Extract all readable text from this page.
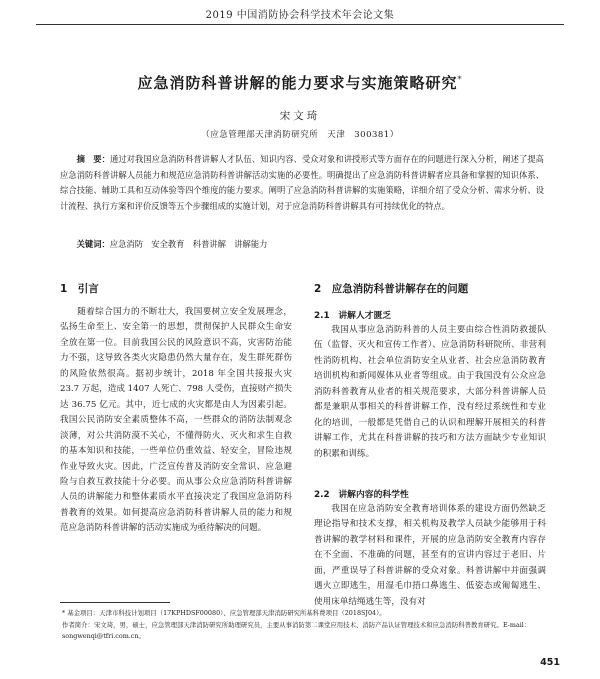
2019 中国消防协会科学技术年会论文集
应急消防科普讲解的能力要求与实施策略研究*
宋文琦
（应急管理部天津消防研究所　天津　300381）
摘　要：通过对我国应急消防科普讲解人才队伍、知识内容、受众对象和讲授形式等方面存在的问题进行深入分析，阐述了提高应急消防科普讲解人员能力和规范应急消防科普讲解活动实施的必要性。明确提出了应急消防科普讲解者应具备和掌握的知识体系、综合技能、辅助工具和互动体验等四个维度的能力要求。阐明了应急消防科普讲解的实施策略，详细介绍了受众分析、需求分析、设计流程、执行方案和评价反馈等五个步骤组成的实施计划，对于应急消防科普讲解具有可持续优化的特点。
关键词：应急消防　安全教育　科普讲解　讲解能力
1　引言

随着综合国力的不断壮大，我国要树立安全发展理念，弘扬生命至上、安全第一的思想，贯彻保护人民群众生命安全放在第一位。目前我国公民的风险意识不高，灾害防治能力不强，这导致各类火灾隐患仍然大量存在，发生群死群伤的风险依然很高。据初步统计，2018 年全国共接报火灾 23.7 万起，造成 1407 人死亡、798 人受伤，直接财产损失达 36.75 亿元。其中，近七成的火灾都是由人为因素引起。我国公民消防安全素质整体不高，一些群众的消防法制观念淡薄，对公共消防漠不关心，不懂得防火、灭火和求生自救的基本知识和技能，一些单位仍重效益、轻安全，冒险违规作业导致火灾。因此，广泛宣传普及消防安全常识、应急避险与自救互救技能十分必要。而从事公众应急消防科普讲解人员的讲解能力和整体素质水平直接决定了我国应急消防科普教育的效果。如何提高应急消防科普讲解人员的能力和规范应急消防科普讲解的活动实施成为亟待解决的问题。

2　应急消防科普讲解存在的问题
2.1　讲解人才匮乏

我国从事应急消防科普的人员主要由综合性消防救援队伍（监督、灭火和宣传工作者）、应急消防科研院所、非营利性消防机构、社会单位消防安全从业者、社会应急消防教育培训机构和新闻媒体从业者等组成。由于我国没有公众应急消防科普教育从业者的相关规范要求，大部分科普讲解人员都是兼职从事相关的科普讲解工作，没有经过系统性和专业化的培训，一般都是凭借自己的认识和理解开展相关的科普讲解工作，尤其在科普讲解的技巧和方法方面缺少专业知识的积累和训练。

2.2　讲解内容的科学性

我国在应急消防安全教育培训体系的建设方面仍然缺乏理论指导和技术支撑，相关机构及教学人员缺少能够用于科普讲解的教学材料和课件，开展的应急消防安全教育内容存在不全面、不准确的问题，甚至有的宣讲内容过于老旧、片面，严重误导了科普讲解的受众对象。科普讲解中并面强调遇火立即逃生，用湿毛巾捂口鼻逃生、低姿态或匍匐逃生、使用床单结绳逃生等，没有对

* 基金项目：天津市科技计划项目（17KPHDSF00080）、应急管理部天津消防研究所基科费项目（2018SJ04）。
作者简介：宋文琦，男，硕士，应急管理部天津消防研究所助理研究员，主要从事消防第二课堂应用技术、消防产品认证管理技术和应急消防科普教育研究。E-mail：songwenqi@tfri.com.cn。
451
